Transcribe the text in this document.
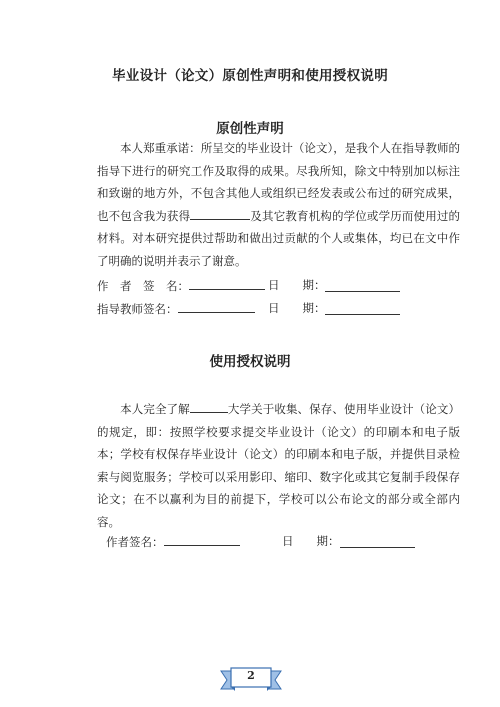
毕业设计（论文）原创性声明和使用授权说明
原创性声明

本人郑重承诺：所呈交的毕业设计（论文），是我个人在指导教师的指导下进行的研究工作及取得的成果。尽我所知，除文中特别加以标注和致谢的地方外，不包含其他人或组织已经发表或公布过的研究成果，也不包含我为获得	及其它教育机构的学位或学历而使用过的材料。对本研究提供过帮助和做出过贡献的个人或集体，均已在文中作了明确的说明并表示了谢意。

作　者　签　名：	日　　期：
指导教师签名：	日　　期：
使用授权说明

本人完全了解	大学关于收集、保存、使用毕业设计（论文）的规定，即：按照学校要求提交毕业设计（论文）的印刷本和电子版本；学校有权保存毕业设计（论文）的印刷本和电子版，并提供目录检索与阅览服务；学校可以采用影印、缩印、数字化或其它复制手段保存论文；在不以赢利为目的前提下，学校可以公布论文的部分或全部内容。

作者签名：	日　　期：
2
